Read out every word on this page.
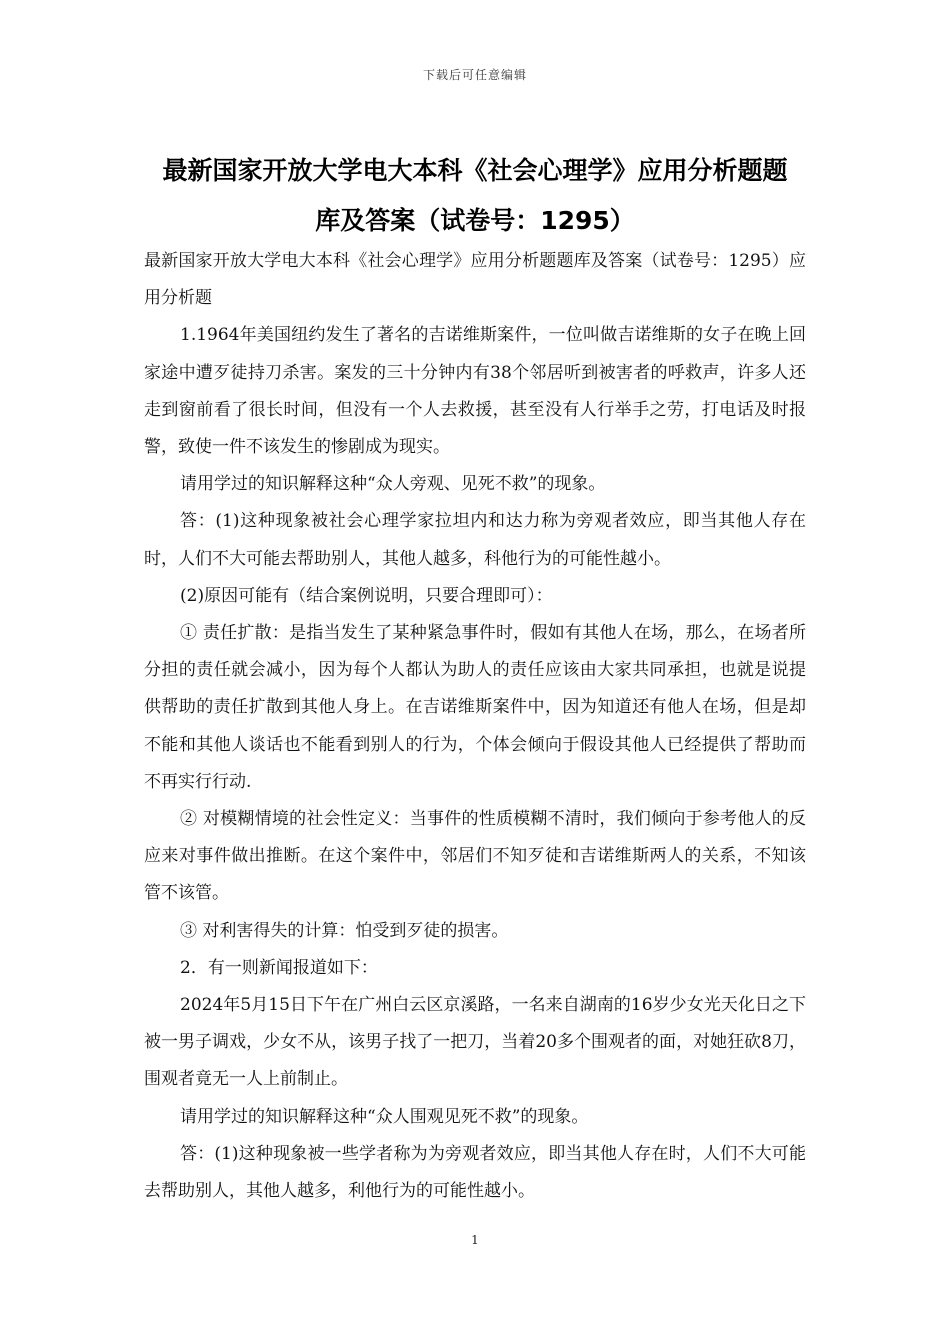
下载后可任意编辑
最新国家开放大学电大本科《社会心理学》应用分析题题
库及答案（试卷号：1295）

最新国家开放大学电大本科《社会心理学》应用分析题题库及答案（试卷号：1295）应用分析题

1.1964年美国纽约发生了著名的吉诺维斯案件，一位叫做吉诺维斯的女子在晚上回家途中遭歹徒持刀杀害。案发的三十分钟内有38个邻居听到被害者的呼救声，许多人还走到窗前看了很长时间，但没有一个人去救援，甚至没有人行举手之劳，打电话及时报警，致使一件不该发生的惨剧成为现实。

请用学过的知识解释这种“众人旁观、见死不救”的现象。

答：(1)这种现象被社会心理学家拉坦内和达力称为旁观者效应，即当其他人存在时，人们不大可能去帮助别人，其他人越多，科他行为的可能性越小。

(2)原因可能有（结合案例说明，只要合理即可）：

① 责任扩散：是指当发生了某种紧急事件时，假如有其他人在场，那么，在场者所分担的责任就会减小，因为每个人都认为助人的责任应该由大家共同承担，也就是说提供帮助的责任扩散到其他人身上。在吉诺维斯案件中，因为知道还有他人在场，但是却不能和其他人谈话也不能看到别人的行为，个体会倾向于假设其他人已经提供了帮助而不再实行行动.

② 对模糊情境的社会性定义：当事件的性质模糊不清时，我们倾向于参考他人的反应来对事件做出推断。在这个案件中，邻居们不知歹徒和吉诺维斯两人的关系，不知该管不该管。

③ 对利害得失的计算：怕受到歹徒的损害。

2．有一则新闻报道如下：

2024年5月15日下午在广州白云区京溪路，一名来自湖南的16岁少女光天化日之下被一男子调戏，少女不从，该男子找了一把刀，当着20多个围观者的面，对她狂砍8刀，围观者竟无一人上前制止。

请用学过的知识解释这种“众人围观见死不救”的现象。

答：(1)这种现象被一些学者称为为旁观者效应，即当其他人存在时，人们不大可能去帮助别人，其他人越多，利他行为的可能性越小。

1
